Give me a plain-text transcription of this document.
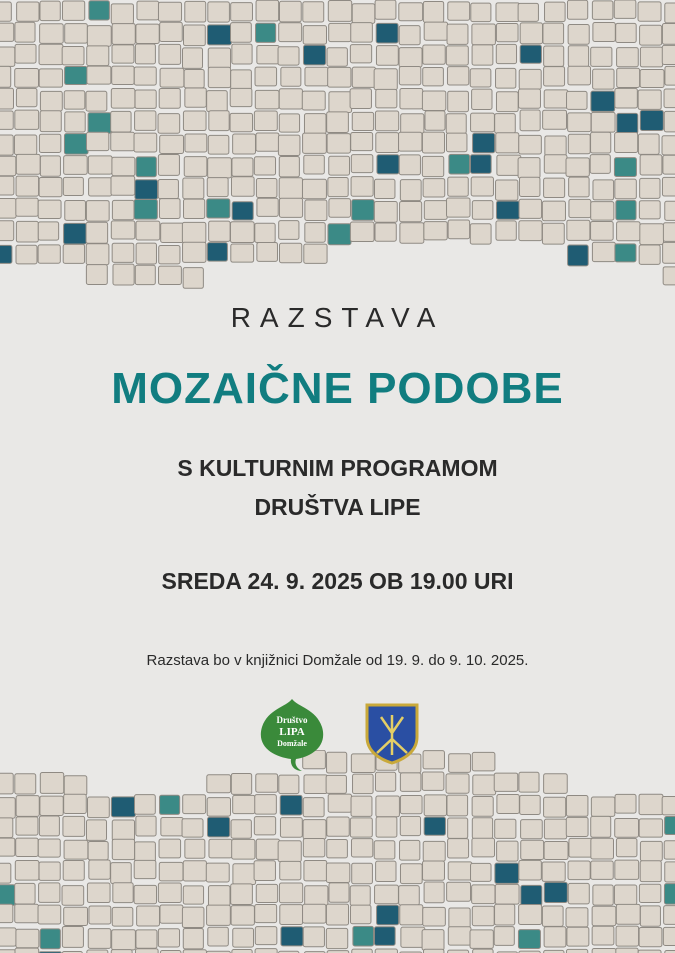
RAZSTAVA
MOZAIČNE PODOBE
S KULTURNIM PROGRAMOM
DRUŠTVA LIPE
SREDA 24. 9. 2025 OB 19.00 URI
Razstava bo v knjižnici Domžale od 19. 9. do 9. 10. 2025.
Društvo
LIPA
Domžale
